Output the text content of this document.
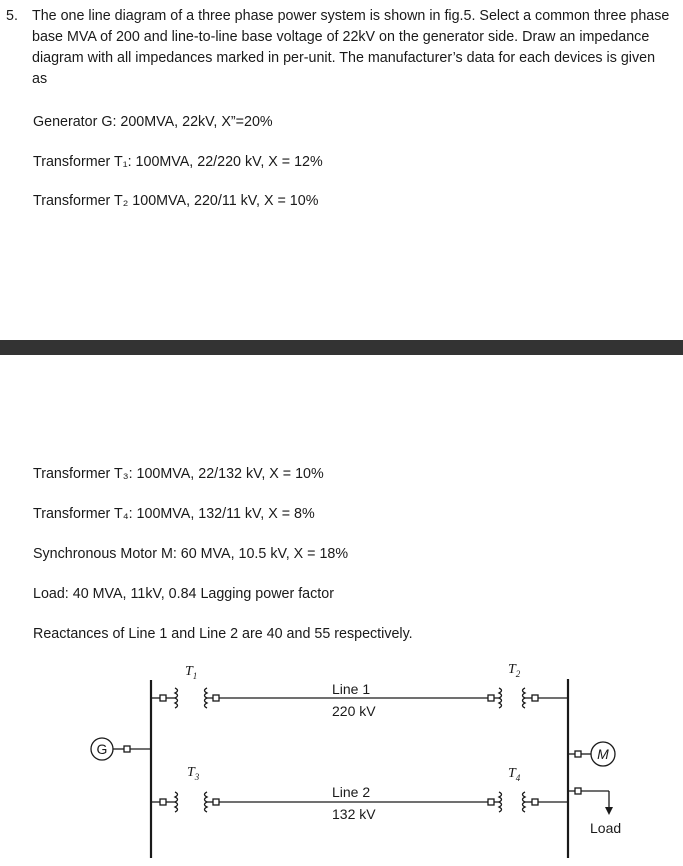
5. The one line diagram of a three phase power system is shown in fig.5. Select a common three phase base MVA of 200 and line-to-line base voltage of 22kV on the generator side. Draw an impedance diagram with all impedances marked in per-unit. The manufacturer’s data for each devices is given as
Generator G: 200MVA, 22kV, X”=20%
Transformer T₁: 100MVA, 22/220 kV, X = 12%
Transformer T₂ 100MVA, 220/11 kV, X = 10%
Transformer T₃: 100MVA, 22/132 kV, X = 10%
Transformer T₄: 100MVA, 132/11 kV, X = 8%
Synchronous Motor M: 60 MVA, 10.5 kV, X = 18%
Load: 40 MVA, 11kV, 0.84 Lagging power factor
Reactances of Line 1 and Line 2 are 40 and 55 respectively.
G	M
$T_1$	$T_2$
$T_3$	$T_4$
Line 1
220 kV
Line 2
132 kV
Load
